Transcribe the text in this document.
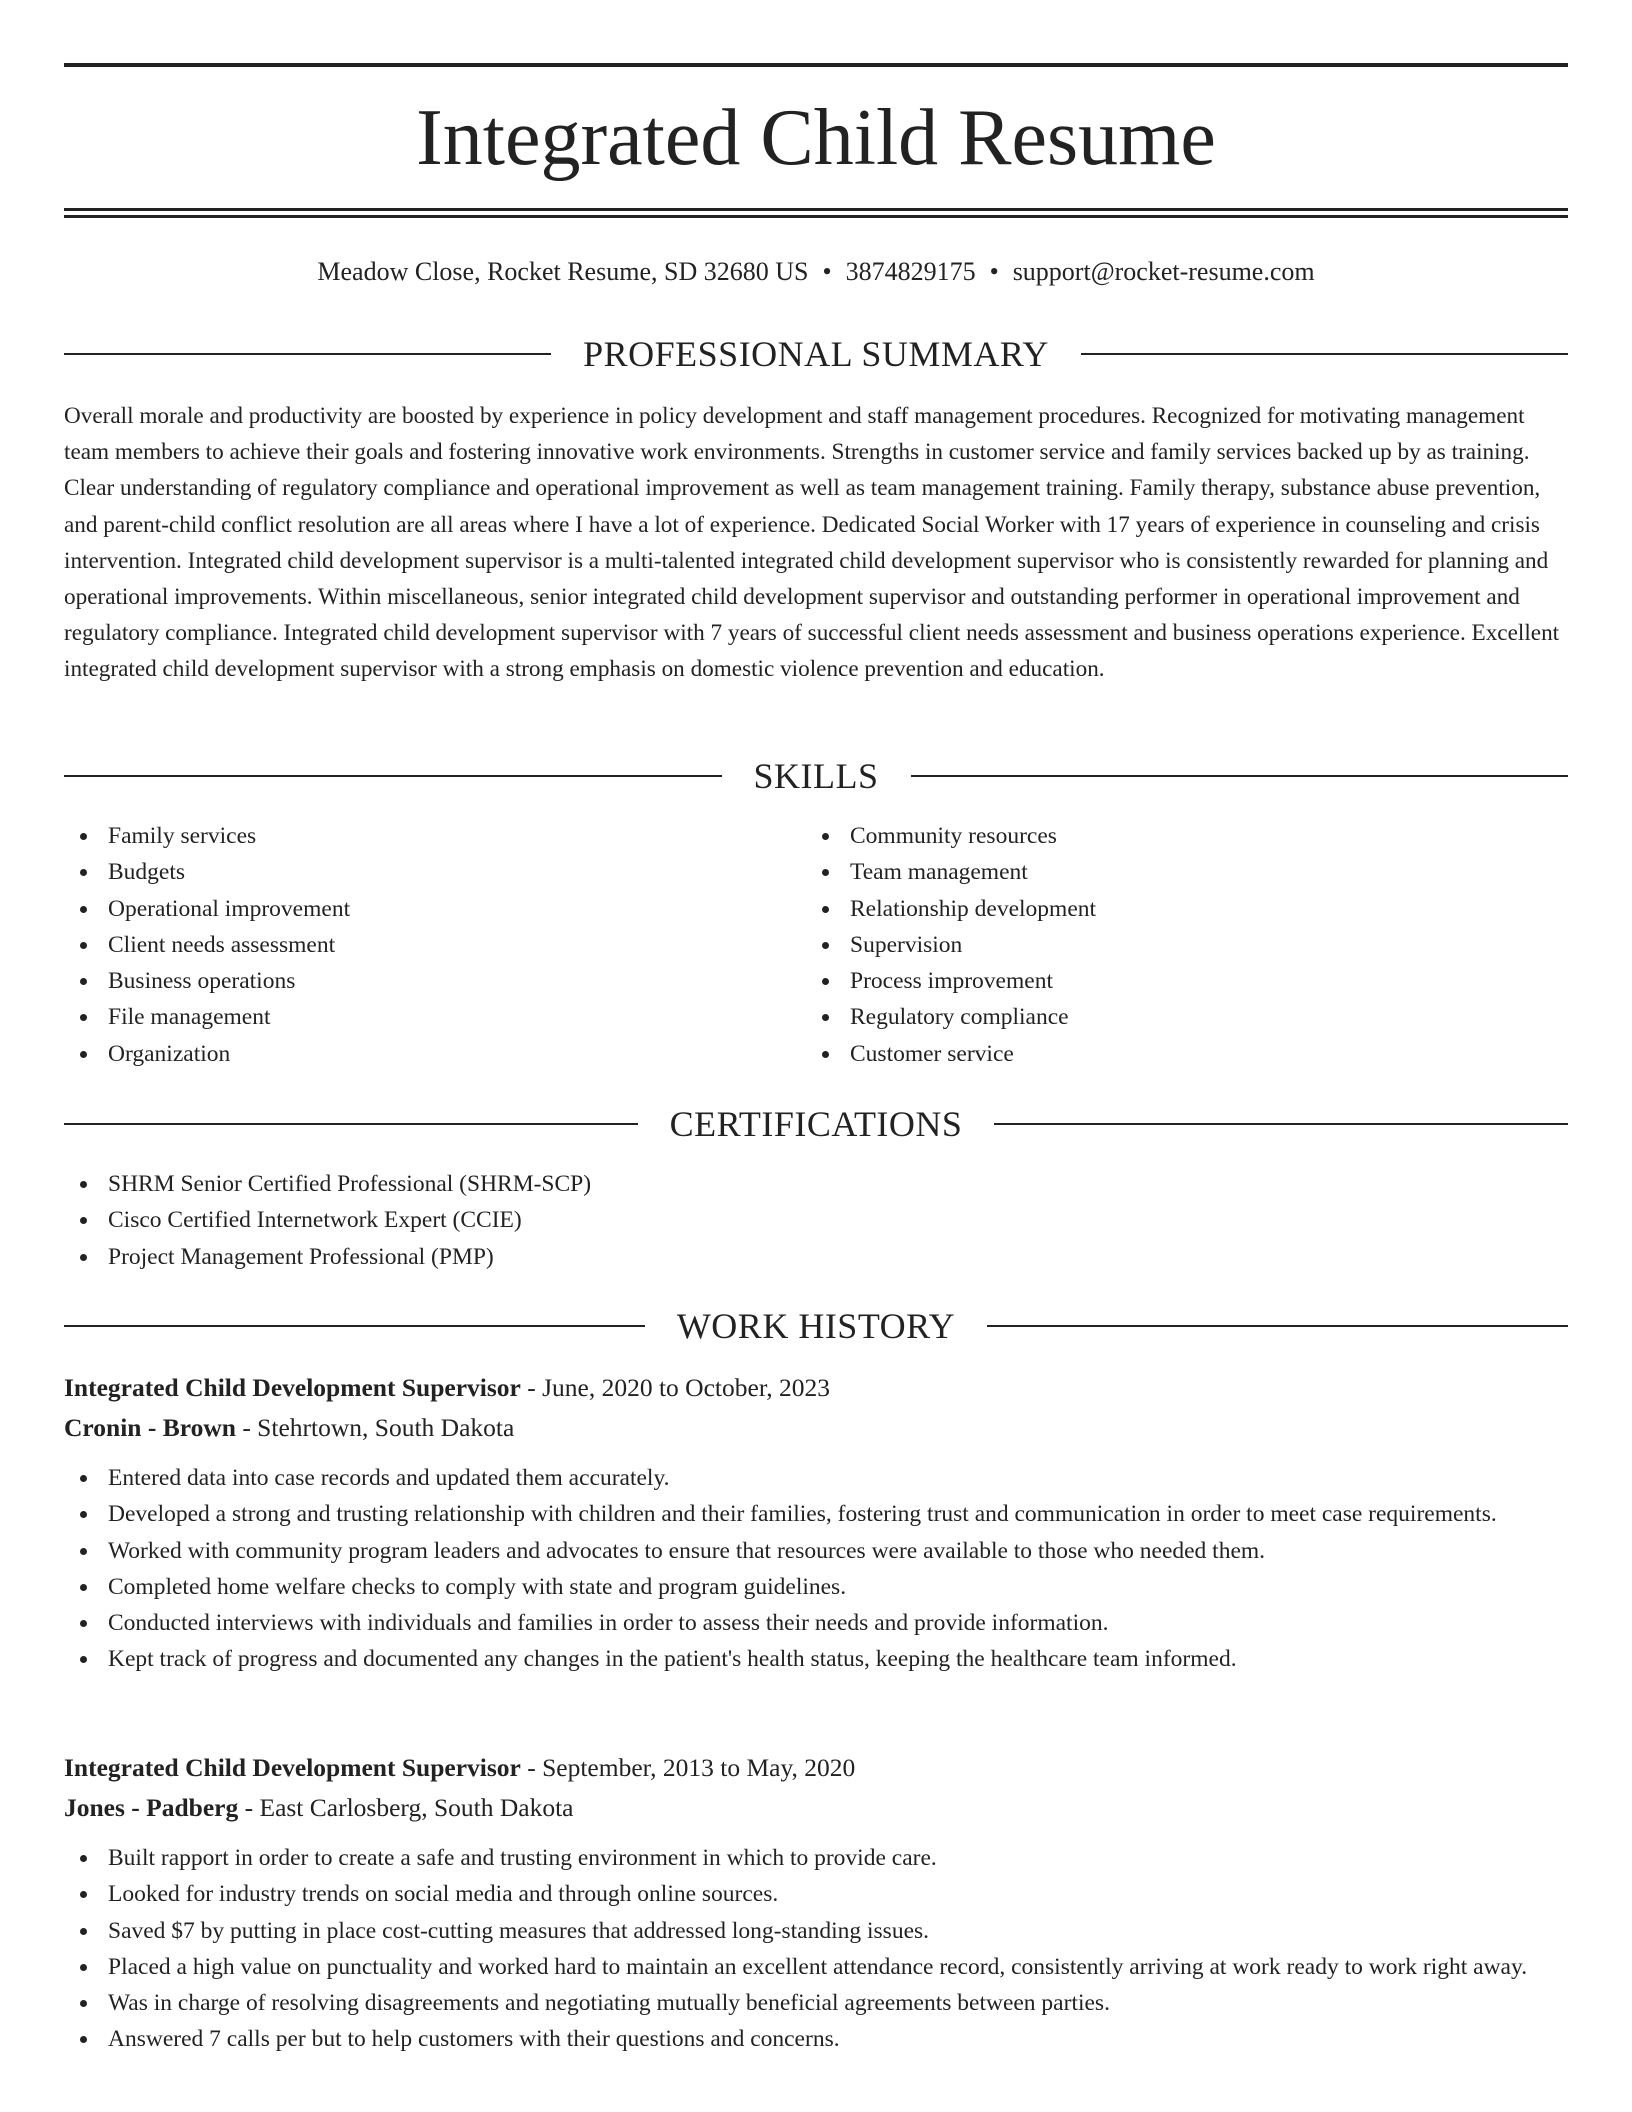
Integrated Child Resume
Meadow Close, Rocket Resume, SD 32680 US • 3874829175 • support@rocket-resume.com
PROFESSIONAL SUMMARY

Overall morale and productivity are boosted by experience in policy development and staff management procedures. Recognized for motivating management team members to achieve their goals and fostering innovative work environments. Strengths in customer service and family services backed up by as training. Clear understanding of regulatory compliance and operational improvement as well as team management training. Family therapy, substance abuse prevention, and parent-child conflict resolution are all areas where I have a lot of experience. Dedicated Social Worker with 17 years of experience in counseling and crisis intervention. Integrated child development supervisor is a multi-talented integrated child development supervisor who is consistently rewarded for planning and operational improvements. Within miscellaneous, senior integrated child development supervisor and outstanding performer in operational improvement and regulatory compliance. Integrated child development supervisor with 7 years of successful client needs assessment and business operations experience. Excellent integrated child development supervisor with a strong emphasis on domestic violence prevention and education.

SKILLS
Family services
Budgets
Operational improvement
Client needs assessment
Business operations
File management
Organization
Community resources
Team management
Relationship development
Supervision
Process improvement
Regulatory compliance
Customer service
CERTIFICATIONS
SHRM Senior Certified Professional (SHRM-SCP)
Cisco Certified Internetwork Expert (CCIE)
Project Management Professional (PMP)
WORK HISTORY
Integrated Child Development Supervisor - June, 2020 to October, 2023
Cronin - Brown - Stehrtown, South Dakota
Entered data into case records and updated them accurately.
Developed a strong and trusting relationship with children and their families, fostering trust and communication in order to meet case requirements.
Worked with community program leaders and advocates to ensure that resources were available to those who needed them.
Completed home welfare checks to comply with state and program guidelines.
Conducted interviews with individuals and families in order to assess their needs and provide information.
Kept track of progress and documented any changes in the patient's health status, keeping the healthcare team informed.
Integrated Child Development Supervisor - September, 2013 to May, 2020
Jones - Padberg - East Carlosberg, South Dakota
Built rapport in order to create a safe and trusting environment in which to provide care.
Looked for industry trends on social media and through online sources.
Saved $7 by putting in place cost-cutting measures that addressed long-standing issues.
Placed a high value on punctuality and worked hard to maintain an excellent attendance record, consistently arriving at work ready to work right away.
Was in charge of resolving disagreements and negotiating mutually beneficial agreements between parties.
Answered 7 calls per but to help customers with their questions and concerns.
